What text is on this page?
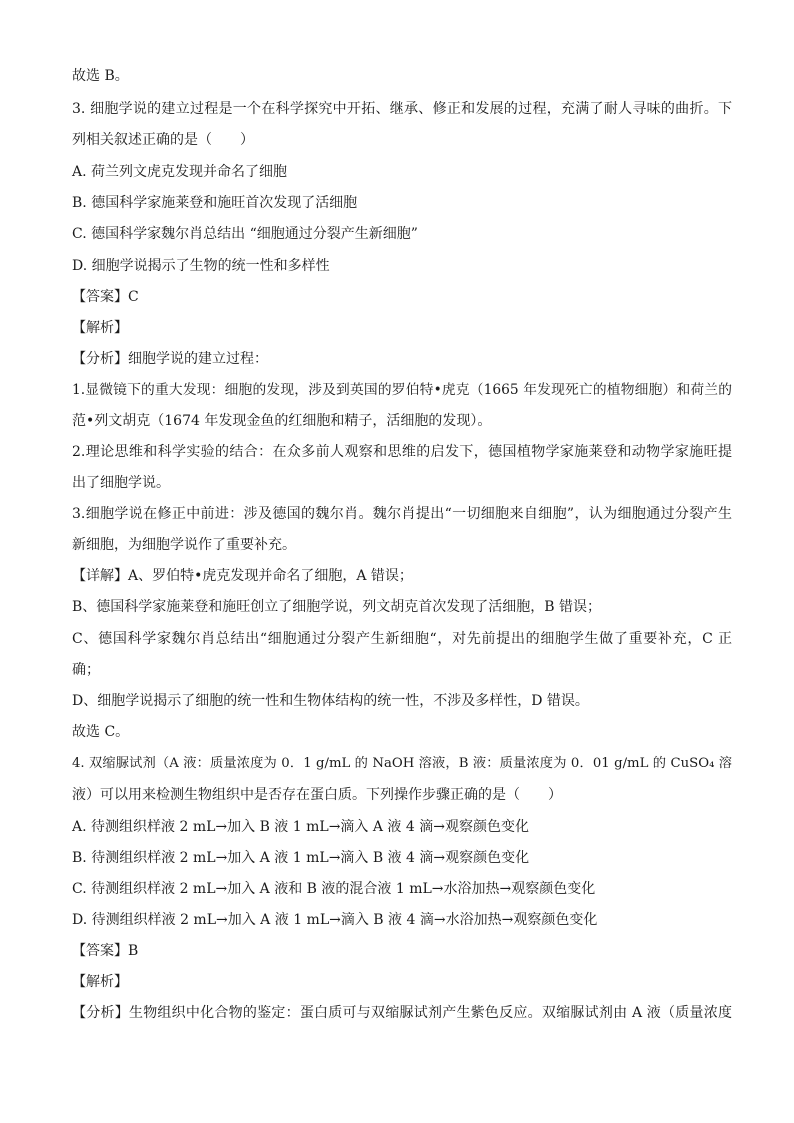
故选 B。
3. 细胞学说的建立过程是一个在科学探究中开拓、继承、修正和发展的过程，充满了耐人寻味的曲折。下
列相关叙述正确的是（　　）
A. 荷兰列文虎克发现并命名了细胞
B. 德国科学家施莱登和施旺首次发现了活细胞
C. 德国科学家魏尔肖总结出 “细胞通过分裂产生新细胞”
D. 细胞学说揭示了生物的统一性和多样性
【答案】C
【解析】
【分析】细胞学说的建立过程：
1.显微镜下的重大发现：细胞的发现，涉及到英国的罗伯特•虎克（1665 年发现死亡的植物细胞）和荷兰的
范•列文胡克（1674 年发现金鱼的红细胞和精子，活细胞的发现）。
2.理论思维和科学实验的结合：在众多前人观察和思维的启发下，德国植物学家施莱登和动物学家施旺提
出了细胞学说。
3.细胞学说在修正中前进：涉及德国的魏尔肖。魏尔肖提出“一切细胞来自细胞”，认为细胞通过分裂产生
新细胞，为细胞学说作了重要补充。
【详解】A、罗伯特•虎克发现并命名了细胞，A 错误；
B、德国科学家施莱登和施旺创立了细胞学说，列文胡克首次发现了活细胞，B 错误；
C、德国科学家魏尔肖总结出“细胞通过分裂产生新细胞“，对先前提出的细胞学生做了重要补充，C 正
确；
D、细胞学说揭示了细胞的统一性和生物体结构的统一性，不涉及多样性，D 错误。
故选 C。
4. 双缩脲试剂（A 液：质量浓度为 0．1 g/mL 的 NaOH 溶液，B 液：质量浓度为 0．01 g/mL 的 CuSO₄ 溶
液）可以用来检测生物组织中是否存在蛋白质。下列操作步骤正确的是（　　）
A. 待测组织样液 2 mL→加入 B 液 1 mL→滴入 A 液 4 滴→观察颜色变化
B. 待测组织样液 2 mL→加入 A 液 1 mL→滴入 B 液 4 滴→观察颜色变化
C. 待测组织样液 2 mL→加入 A 液和 B 液的混合液 1 mL→水浴加热→观察颜色变化
D. 待测组织样液 2 mL→加入 A 液 1 mL→滴入 B 液 4 滴→水浴加热→观察颜色变化
【答案】B
【解析】
【分析】生物组织中化合物的鉴定：蛋白质可与双缩脲试剂产生紫色反应。双缩脲试剂由 A 液（质量浓度
